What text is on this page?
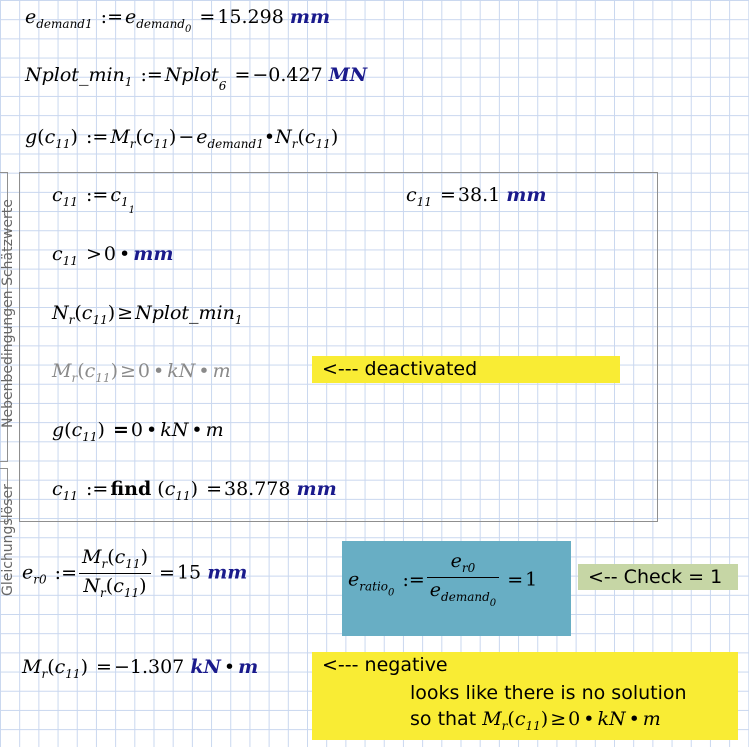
$e_{demand1}$ := $e_{demand0} = 15.298$ mm
$Nplot\_\min_1$ := Nplot$_6$ = −0.427 MN
$g(c_{11})$ := $M_r(c_{11})$ − $e_{demand1}•N_r(c_{11})$
Nebenbedingungen Schätzwerte
Gleichungslöser
$c_{11}$ := $c_{11}$
$c_{11} = 38.1$ mm
$c_{11} > 0$ • mm
$N_r(c_{11})$ ≥ $Nplot\_\min_1$
$M_r(c_{11}) \ge 0$ • kN • m	<--- deactivated
$g(c_{11}) = 0$ • kN • m
$c_{11}$ := find $(c_{11}) = 38.778$ mm
$e_{r0}$ := $\frac{M_r(c_{11})}{N_r(c_{11})} = 15$ mm	$e_{ratio0}$ := $\frac{e_{r0}}{e_{demand0}} = 1$	<-- Check = 1
$M_r(c_{11}) = -1.307$ kN • m	<--- negative
looks like there is no solution
so that $M_r(c_{11}) \ge 0$ • kN • m
